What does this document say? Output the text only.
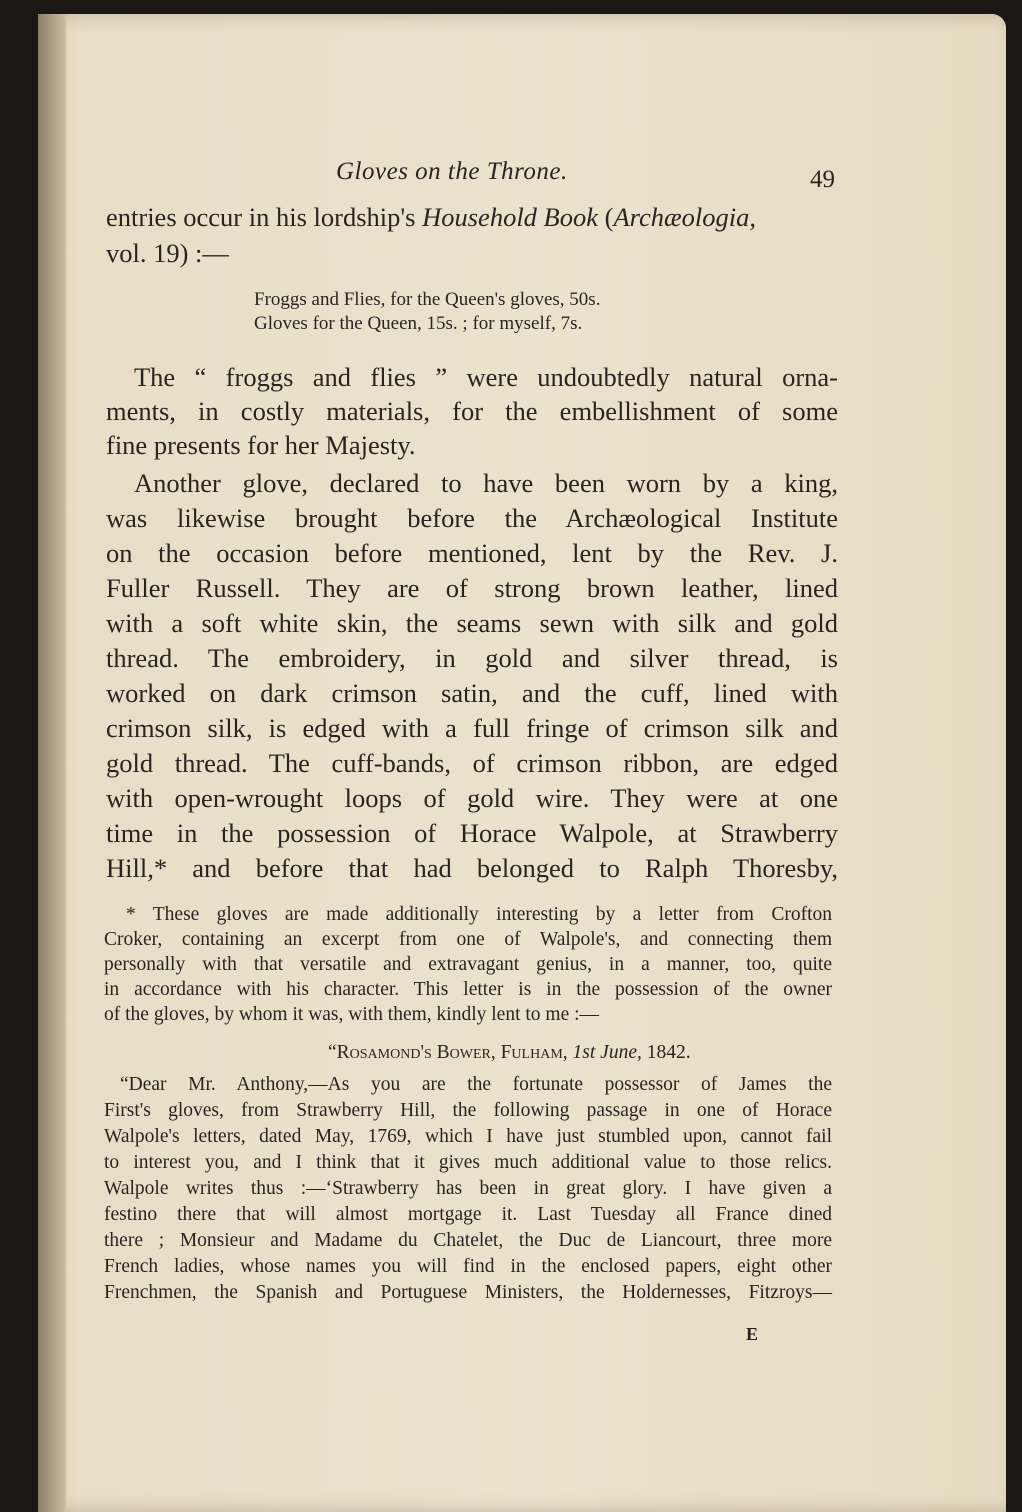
Gloves on the Throne.	49
entries occur in his lordship's Household Book (Archæologia,
vol. 19) :—
Froggs and Flies, for the Queen's gloves, 50s.
Gloves for the Queen, 15s. ; for myself, 7s.
The “ froggs and flies ” were undoubtedly natural orna-
ments, in costly materials, for the embellishment of some
fine presents for her Majesty.
Another glove, declared to have been worn by a king,
was likewise brought before the Archæological Institute
on the occasion before mentioned, lent by the Rev. J.
Fuller Russell. They are of strong brown leather, lined
with a soft white skin, the seams sewn with silk and gold
thread. The embroidery, in gold and silver thread, is
worked on dark crimson satin, and the cuff, lined with
crimson silk, is edged with a full fringe of crimson silk and
gold thread. The cuff-bands, of crimson ribbon, are edged
with open-wrought loops of gold wire. They were at one
time in the possession of Horace Walpole, at Strawberry
Hill,* and before that had belonged to Ralph Thoresby,
* These gloves are made additionally interesting by a letter from Crofton
Croker, containing an excerpt from one of Walpole's, and connecting them
personally with that versatile and extravagant genius, in a manner, too, quite
in accordance with his character. This letter is in the possession of the owner
of the gloves, by whom it was, with them, kindly lent to me :—
“Rosamond's Bower, Fulham, 1st June, 1842.
“Dear Mr. Anthony,—As you are the fortunate possessor of James the
First's gloves, from Strawberry Hill, the following passage in one of Horace
Walpole's letters, dated May, 1769, which I have just stumbled upon, cannot fail
to interest you, and I think that it gives much additional value to those relics.
Walpole writes thus :—‘Strawberry has been in great glory. I have given a
festino there that will almost mortgage it. Last Tuesday all France dined
there ; Monsieur and Madame du Chatelet, the Duc de Liancourt, three more
French ladies, whose names you will find in the enclosed papers, eight other
Frenchmen, the Spanish and Portuguese Ministers, the Holdernesses, Fitzroys—
E
